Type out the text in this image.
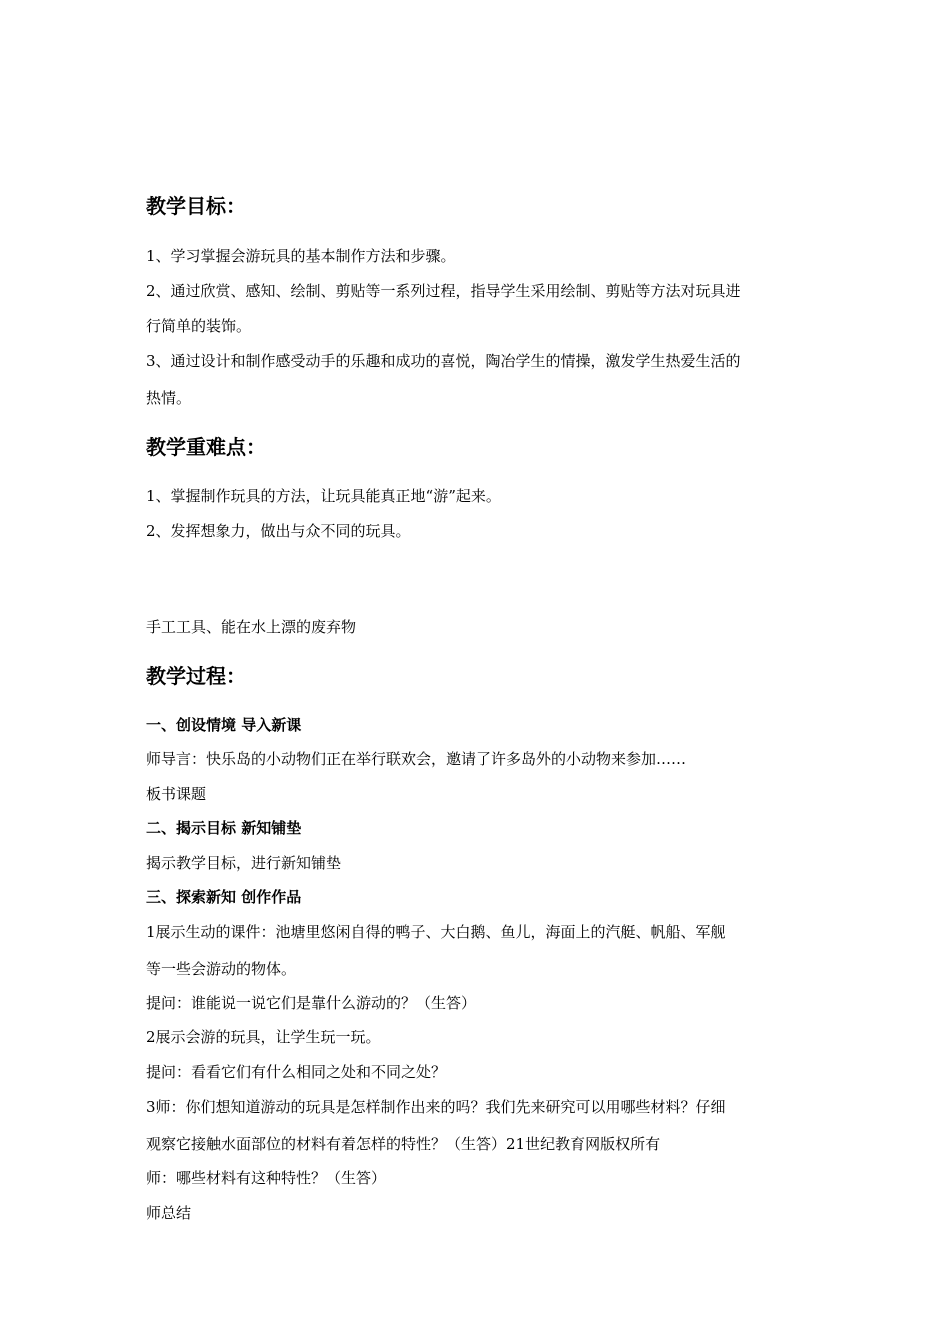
教学目标：
1、学习掌握会游玩具的基本制作方法和步骤。
2、通过欣赏、感知、绘制、剪贴等一系列过程，指导学生采用绘制、剪贴等方法对玩具进
行简单的装饰。
3、通过设计和制作感受动手的乐趣和成功的喜悦，陶冶学生的情操，激发学生热爱生活的
热情。
教学重难点：
1、掌握制作玩具的方法，让玩具能真正地“游”起来。
2、发挥想象力，做出与众不同的玩具。
手工工具、能在水上漂的废弃物
教学过程：
一、创设情境 导入新课
师导言：快乐岛的小动物们正在举行联欢会，邀请了许多岛外的小动物来参加……
板书课题
二、揭示目标 新知铺垫
揭示教学目标，进行新知铺垫
三、探索新知 创作作品
1展示生动的课件：池塘里悠闲自得的鸭子、大白鹅、鱼儿，海面上的汽艇、帆船、军舰
等一些会游动的物体。
提问：谁能说一说它们是靠什么游动的？（生答）
2展示会游的玩具，让学生玩一玩。
提问：看看它们有什么相同之处和不同之处？
3师：你们想知道游动的玩具是怎样制作出来的吗？我们先来研究可以用哪些材料？仔细
观察它接触水面部位的材料有着怎样的特性？（生答）21世纪教育网版权所有
师：哪些材料有这种特性？（生答）
师总结
